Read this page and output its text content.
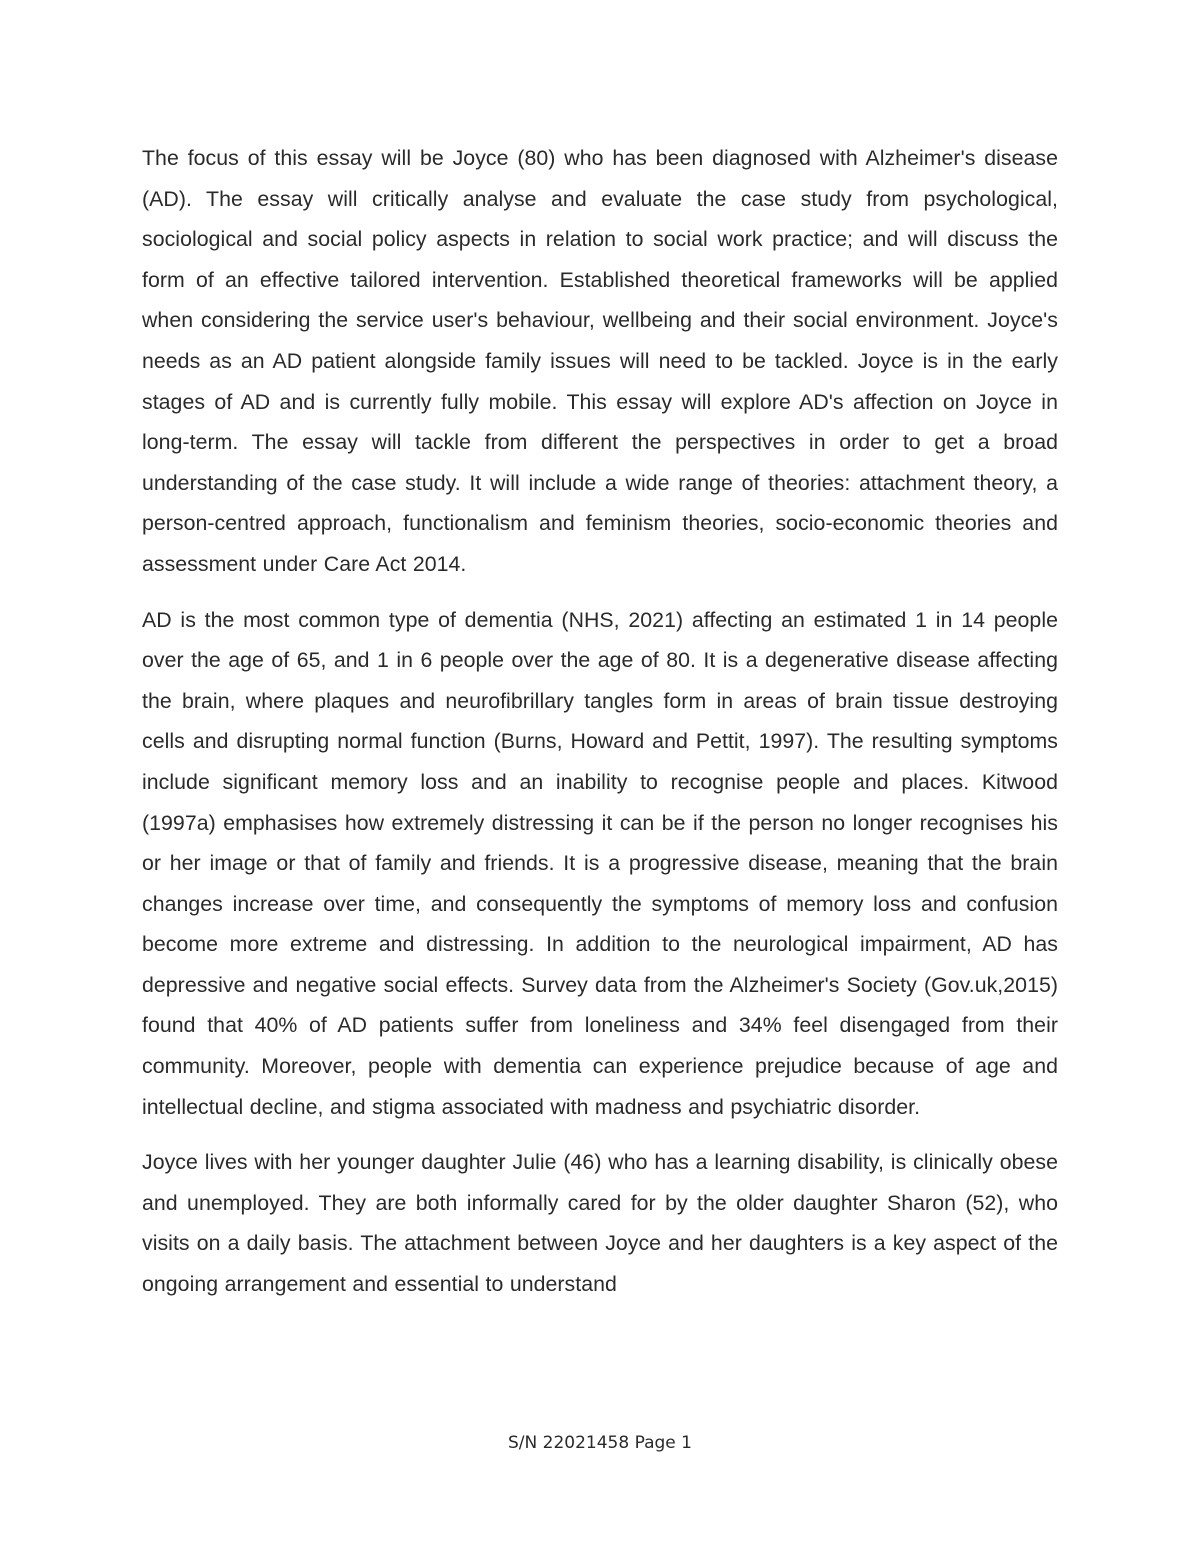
The focus of this essay will be Joyce (80) who has been diagnosed with Alzheimer's disease (AD). The essay will critically analyse and evaluate the case study from psychological, sociological and social policy aspects in relation to social work practice; and will discuss the form of an effective tailored intervention. Established theoretical frameworks will be applied when considering the service user's behaviour, wellbeing and their social environment. Joyce's needs as an AD patient alongside family issues will need to be tackled. Joyce is in the early stages of AD and is currently fully mobile. This essay will explore AD's affection on Joyce in long-term. The essay will tackle from different the perspectives in order to get a broad understanding of the case study. It will include a wide range of theories: attachment theory, a person-centred approach, functionalism and feminism theories, socio-economic theories and assessment under Care Act 2014.

AD is the most common type of dementia (NHS, 2021) affecting an estimated 1 in 14 people over the age of 65, and 1 in 6 people over the age of 80. It is a degenerative disease affecting the brain, where plaques and neurofibrillary tangles form in areas of brain tissue destroying cells and disrupting normal function (Burns, Howard and Pettit, 1997). The resulting symptoms include significant memory loss and an inability to recognise people and places. Kitwood (1997a) emphasises how extremely distressing it can be if the person no longer recognises his or her image or that of family and friends. It is a progressive disease, meaning that the brain changes increase over time, and consequently the symptoms of memory loss and confusion become more extreme and distressing. In addition to the neurological impairment, AD has depressive and negative social effects. Survey data from the Alzheimer's Society (Gov.uk,2015) found that 40% of AD patients suffer from loneliness and 34% feel disengaged from their community. Moreover, people with dementia can experience prejudice because of age and intellectual decline, and stigma associated with madness and psychiatric disorder.

Joyce lives with her younger daughter Julie (46) who has a learning disability, is clinically obese and unemployed. They are both informally cared for by the older daughter Sharon (52), who visits on a daily basis. The attachment between Joyce and her daughters is a key aspect of the ongoing arrangement and essential to understand

S/N 22021458 Page 1
